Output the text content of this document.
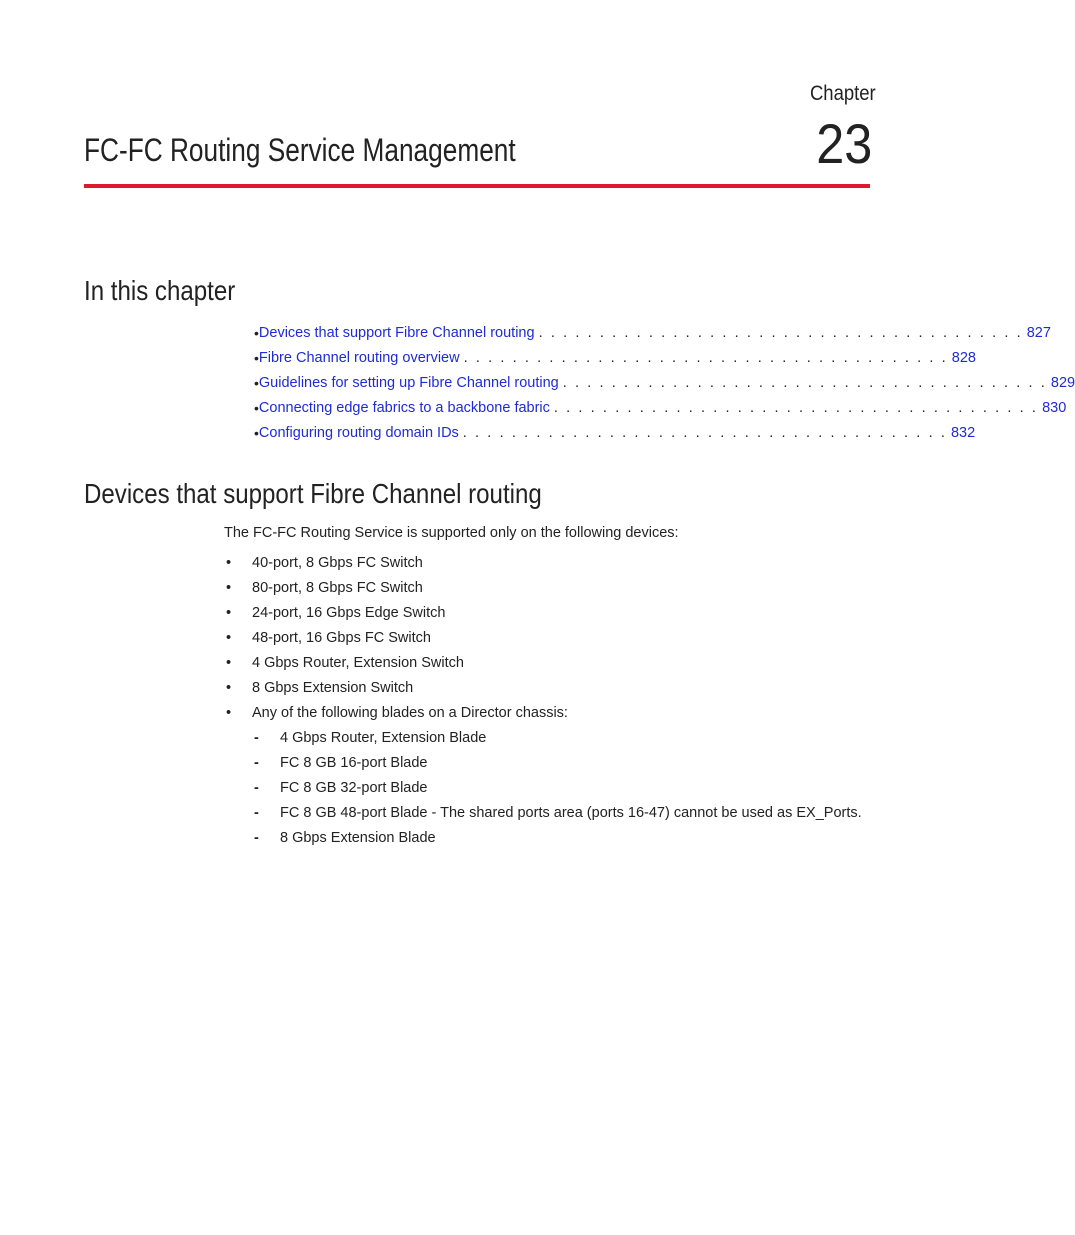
Chapter
23
FC-FC Routing Service Management
In this chapter
• Devices that support Fibre Channel routing . . . . . . . . . . . . . . . . . . . . . . . . . . . . . . . . . . . . . . . . 827
• Fibre Channel routing overview . . . . . . . . . . . . . . . . . . . . . . . . . . . . . . . . . . . . . . . . 828
• Guidelines for setting up Fibre Channel routing . . . . . . . . . . . . . . . . . . . . . . . . . . . . . . . . . . . . . . . . 829
• Connecting edge fabrics to a backbone fabric . . . . . . . . . . . . . . . . . . . . . . . . . . . . . . . . . . . . . . . . 830
• Configuring routing domain IDs . . . . . . . . . . . . . . . . . . . . . . . . . . . . . . . . . . . . . . . . 832
Devices that support Fibre Channel routing
The FC-FC Routing Service is supported only on the following devices:
•	40-port, 8 Gbps FC Switch
•	80-port, 8 Gbps FC Switch
•	24-port, 16 Gbps Edge Switch
•	48-port, 16 Gbps FC Switch
•	4 Gbps Router, Extension Switch
•	8 Gbps Extension Switch
•	Any of the following blades on a Director chassis:
-	4 Gbps Router, Extension Blade
-	FC 8 GB 16-port Blade
-	FC 8 GB 32-port Blade
-	FC 8 GB 48-port Blade - The shared ports area (ports 16-47) cannot be used as EX_Ports.
-	8 Gbps Extension Blade
